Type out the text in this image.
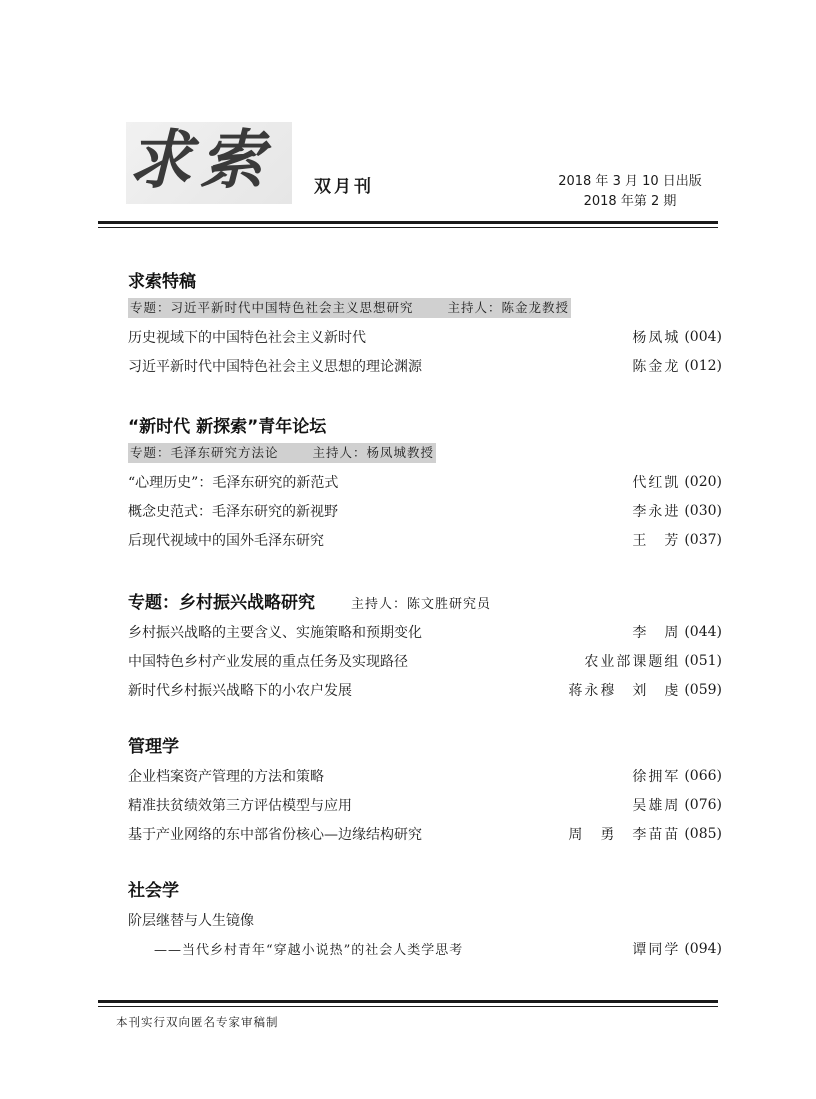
求索 双月刊	2018 年 3 月 10 日出版
2018 年第 2 期
求索特稿
专题：习近平新时代中国特色社会主义思想研究	主持人：陈金龙教授
历史视域下的中国特色社会主义新时代	杨凤城 (004)
习近平新时代中国特色社会主义思想的理论渊源	陈金龙 (012)
“新时代 新探索”青年论坛
专题：毛泽东研究方法论	主持人：杨凤城教授
“心理历史”：毛泽东研究的新范式	代红凯 (020)
概念史范式：毛泽东研究的新视野	李永进 (030)
后现代视域中的国外毛泽东研究	王　芳 (037)
专题：乡村振兴战略研究	主持人：陈文胜研究员
乡村振兴战略的主要含义、实施策略和预期变化	李　周 (044)
中国特色乡村产业发展的重点任务及实现路径	农业部课题组 (051)
新时代乡村振兴战略下的小农户发展	蒋永穆　刘　虔 (059)
管理学
企业档案资产管理的方法和策略	徐拥军 (066)
精准扶贫绩效第三方评估模型与应用	吴雄周 (076)
基于产业网络的东中部省份核心—边缘结构研究	周　勇　李苗苗 (085)
社会学
阶层继替与人生镜像
——当代乡村青年“穿越小说热”的社会人类学思考	谭同学 (094)
本刊实行双向匿名专家审稿制
